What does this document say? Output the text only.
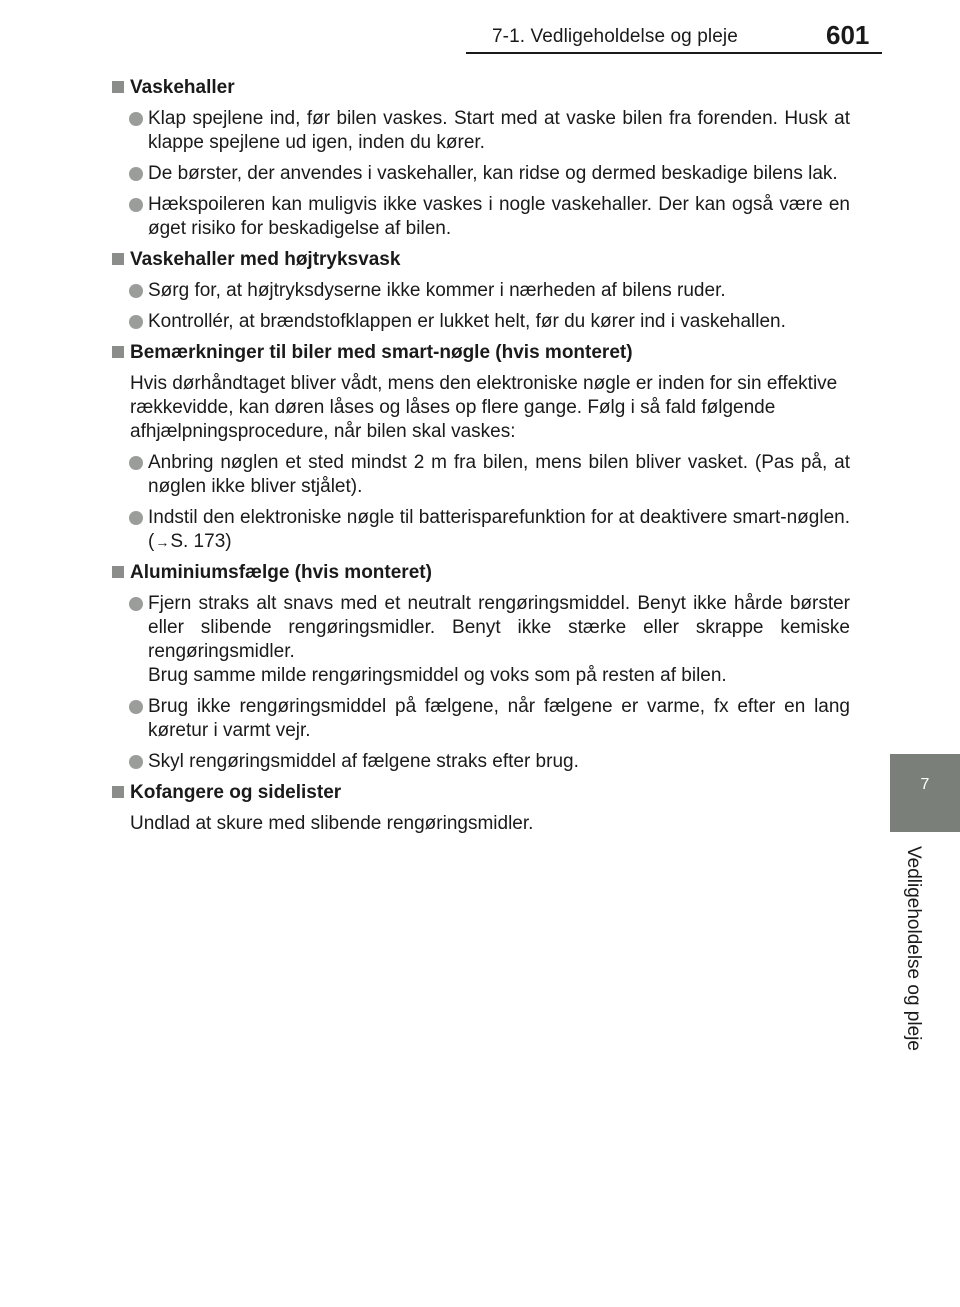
7-1. Vedligeholdelse og pleje	601
7
Vedligeholdelse og pleje
Vaskehaller
Klap spejlene ind, før bilen vaskes. Start med at vaske bilen fra forenden. Husk at klappe spejlene ud igen, inden du kører.
De børster, der anvendes i vaskehaller, kan ridse og dermed beskadige bilens lak.
Hækspoileren kan muligvis ikke vaskes i nogle vaskehaller. Der kan også være en øget risiko for beskadigelse af bilen.
Vaskehaller med højtryksvask
Sørg for, at højtryksdyserne ikke kommer i nærheden af bilens ruder.
Kontrollér, at brændstofklappen er lukket helt, før du kører ind i vaskehallen.
Bemærkninger til biler med smart-nøgle (hvis monteret)
Hvis dørhåndtaget bliver vådt, mens den elektroniske nøgle er inden for sin effektive rækkevidde, kan døren låses og låses op flere gange. Følg i så fald følgende afhjælpningsprocedure, når bilen skal vaskes:
Anbring nøglen et sted mindst 2 m fra bilen, mens bilen bliver vasket. (Pas på, at nøglen ikke bliver stjålet).
Indstil den elektroniske nøgle til batterisparefunktion for at deaktivere smart-nøglen. (→S. 173)
Aluminiumsfælge (hvis monteret)
Fjern straks alt snavs med et neutralt rengøringsmiddel. Benyt ikke hårde børster eller slibende rengøringsmidler. Benyt ikke stærke eller skrappe kemiske rengøringsmidler.
Brug samme milde rengøringsmiddel og voks som på resten af bilen.
Brug ikke rengøringsmiddel på fælgene, når fælgene er varme, fx efter en lang køretur i varmt vejr.
Skyl rengøringsmiddel af fælgene straks efter brug.
Kofangere og sidelister
Undlad at skure med slibende rengøringsmidler.
